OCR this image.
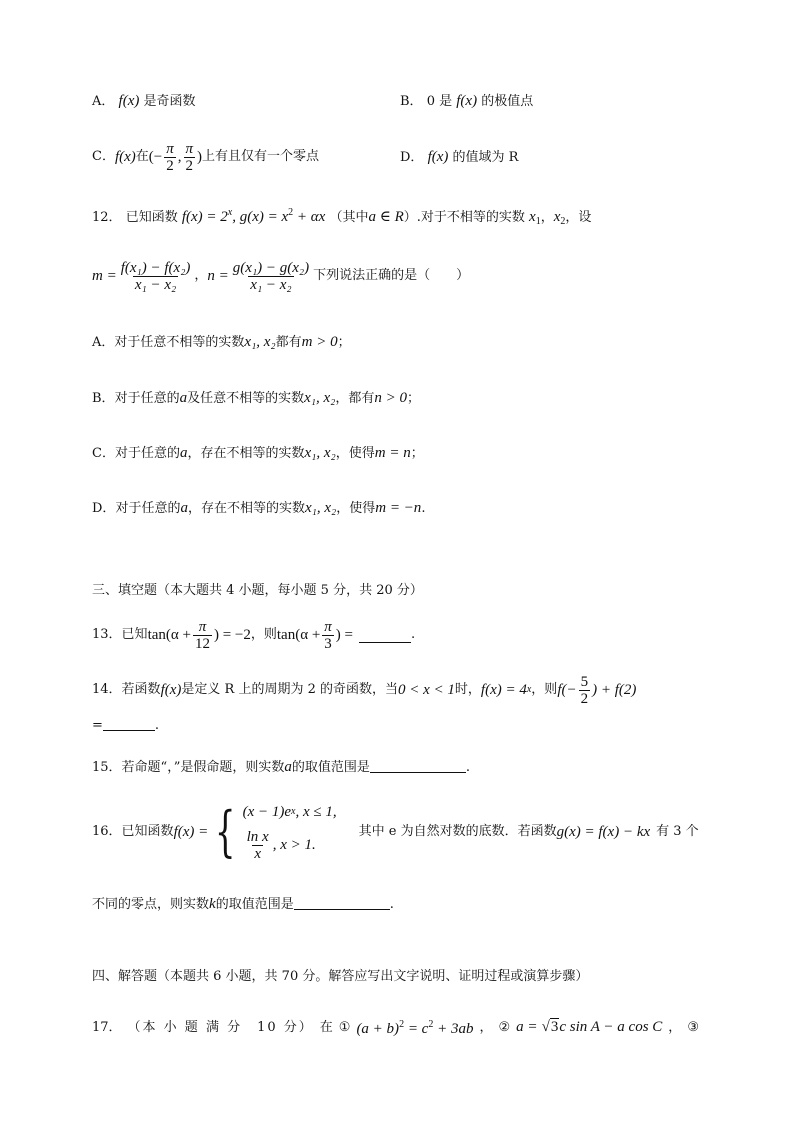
A． f(x) 是奇函数	B． 0 是 f(x) 的极值点
C． f(x) 在 (− $\frac{\pi}{2}$ , $\frac{\pi}{2}$ ) 上有且仅有一个零点	D． f(x) 的值域为 R
12． 已知函数 $f(x) = 2^x$, $g(x) = x^2 + \alpha x$ （其中a ∈ R）.对于不相等的实数 $x_1$，$x_2$，设
$m = \frac{\text{f(x₁) − f(x₂)}}{\text{x₁ − x₂}}$ ， $n = \frac{\text{g(x₁) − g(x₂)}}{\text{x₁ − x₂}}$ 下列说法正确的是（　　）
A．对于任意不相等的实数x₁, x₂都有m > 0；
B．对于任意的a及任意不相等的实数x₁, x₂，都有n > 0；
C．对于任意的a，存在不相等的实数x₁, x₂，使得m = n；
D．对于任意的a，存在不相等的实数x₁, x₂，使得m = −n.
三、填空题（本大题共 4 小题，每小题 5 分，共 20 分）
13． 已知 $\tan(\alpha + \frac{\pi}{12}$ ) = −2 ，则 $\tan(\alpha + \frac{\pi}{3}$ ) =	.
14． 若函数 f(x) 是定义 R 上的周期为 2 的奇函数，当 0 < x < 1 时， f(x) = 4 x ，则 $f(- \frac{5}{2}$ ) + f(2)
=	.
15．若命题“，”是假命题，则实数a的取值范围是	.
16． 已知函数 f(x) = { (x − 1)e x , x ≤ 1,
$\frac{\text{ln x}}{x}$ , x > 1.
其中 e 为自然对数的底数．若函数 g(x) = f(x) − kx 有 3 个
不同的零点，则实数k的取值范围是	.
四、解答题（本题共 6 小题，共 70 分。解答应写出文字说明、证明过程或演算步骤）
17． （本 小 题 满 分　10 分） 在 ① $(a + b)^2 = c^2 + 3ab$ ， ② a = √3c sin A − a cos C ， ③
